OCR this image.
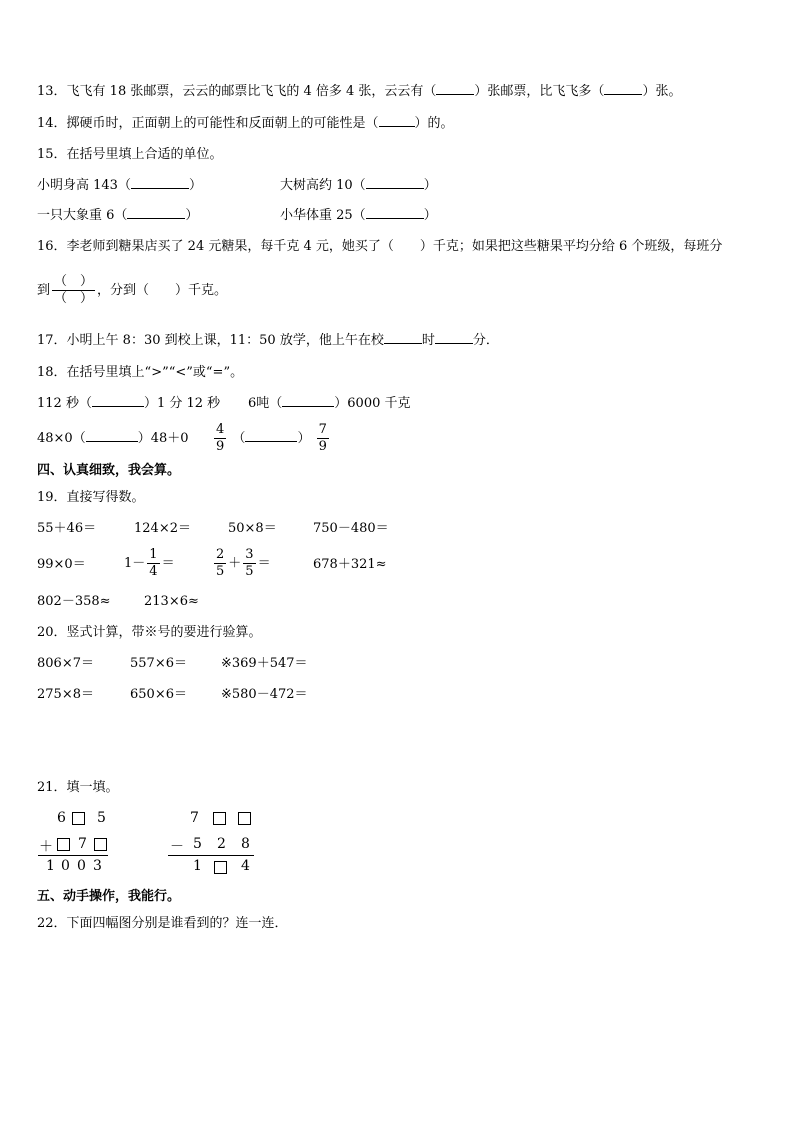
13．飞飞有 18 张邮票，云云的邮票比飞飞的 4 倍多 4 张，云云有（	）张邮票，比飞飞多（	）张。
14．掷硬币时，正面朝上的可能性和反面朝上的可能性是（	）的。
15．在括号里填上合适的单位。
小明身高 143（	）	大树高约 10（	）
一只大象重 6（	）	小华体重 25（	）
16．李老师到糖果店买了 24 元糖果，每千克 4 元，她买了（　　）千克；如果把这些糖果平均分给 6 个班级，每班分
到 $\frac{( )}{( )}$ ，分到（　　）千克。
17．小明上午 8：30 到校上课，11：50 放学，他上午在校	时	分．
18．在括号里填上“>”“<”或“=”。
112 秒（	）1 分 12 秒 6吨（	）6000 千克
48×0（	）$48+0 \frac{4}{9}$ （	） $\frac{7}{9}$
四、认真细致，我会算。
19．直接写得数。
55＋46＝	124×2＝	50×8＝	750－480＝
99×0＝	$1- \frac{1}{4}$ ＝	$\frac{2}{5} + \frac{3}{5}$ ＝	678＋321≈
802－358≈	213×6≈
20．竖式计算，带※号的要进行验算。
806×7＝	557×6＝	※369＋547＝
275×8＝	650×6＝	※580－472＝
21．填一填。
6 5
＋ 7
1 0 0 3
7
－ 5 2 8
1	4
五、动手操作，我能行。
22．下面四幅图分别是谁看到的？连一连．
